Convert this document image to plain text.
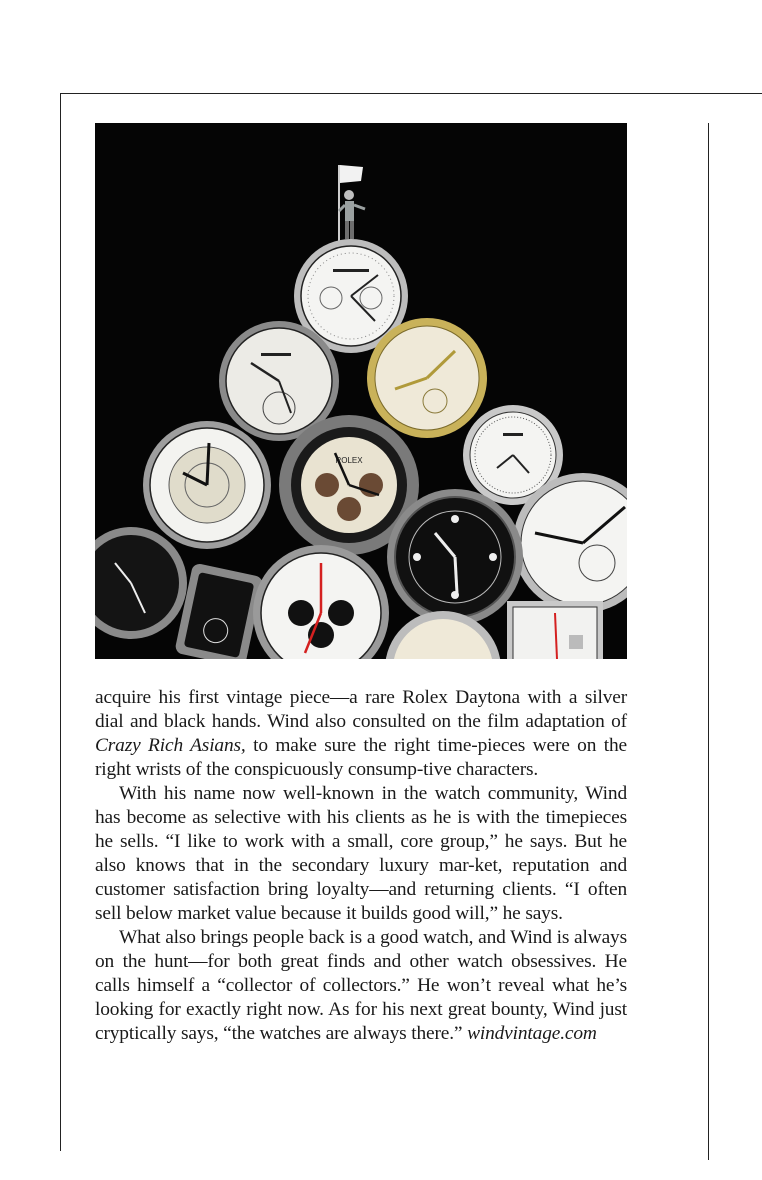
ROLEX

acquire his first vintage piece—a rare Rolex Daytona with a silver dial and black hands. Wind also consulted on the film adaptation of Crazy Rich Asians, to make sure the right time-pieces were on the right wrists of the conspicuously consump-tive characters.

With his name now well-known in the watch community, Wind has become as selective with his clients as he is with the timepieces he sells. “I like to work with a small, core group,” he says. But he also knows that in the secondary luxury mar-ket, reputation and customer satisfaction bring loyalty—and returning clients. “I often sell below market value because it builds good will,” he says.

What also brings people back is a good watch, and Wind is always on the hunt—for both great finds and other watch obsessives. He calls himself a “collector of collectors.” He won’t reveal what he’s looking for exactly right now. As for his next great bounty, Wind just cryptically says, “the watches are always there.” windvintage.com
